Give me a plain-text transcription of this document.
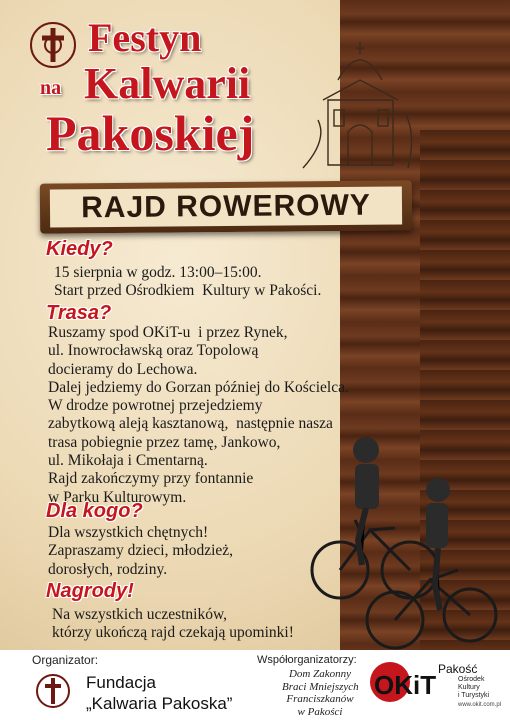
Festyn
na Kalwarii
Pakoskiej
RAJD ROWEROWY
Kiedy?
15 sierpnia w godz. 13:00–15:00.
Start przed Ośrodkiem  Kultury w Pakości.
Trasa?
Ruszamy spod OKiT-u  i przez Rynek,
ul. Inowrocławską oraz Topolową
docieramy do Lechowa.
Dalej jedziemy do Gorzan później do Kościelca.
W drodze powrotnej przejedziemy
zabytkową aleją kasztanową,  następnie nasza
trasa pobiegnie przez tamę, Jankowo,
ul. Mikołaja i Cmentarną.
Rajd zakończymy przy fontannie
w Parku Kulturowym.
Dla kogo?
Dla wszystkich chętnych!
Zapraszamy dzieci, młodzież,
dorosłych, rodziny.
Nagrody!
Na wszystkich uczestników,
którzy ukończą rajd czekają upominki!
Organizator:
Fundacja
„Kalwaria Pakoska”
Współorganizatorzy:
Dom Zakonny
Braci Mniejszych
Franciszkanów
w Pakości
OKiT
Pakość
Ośrodek
Kultury
i Turystyki
www.okit.com.pl
